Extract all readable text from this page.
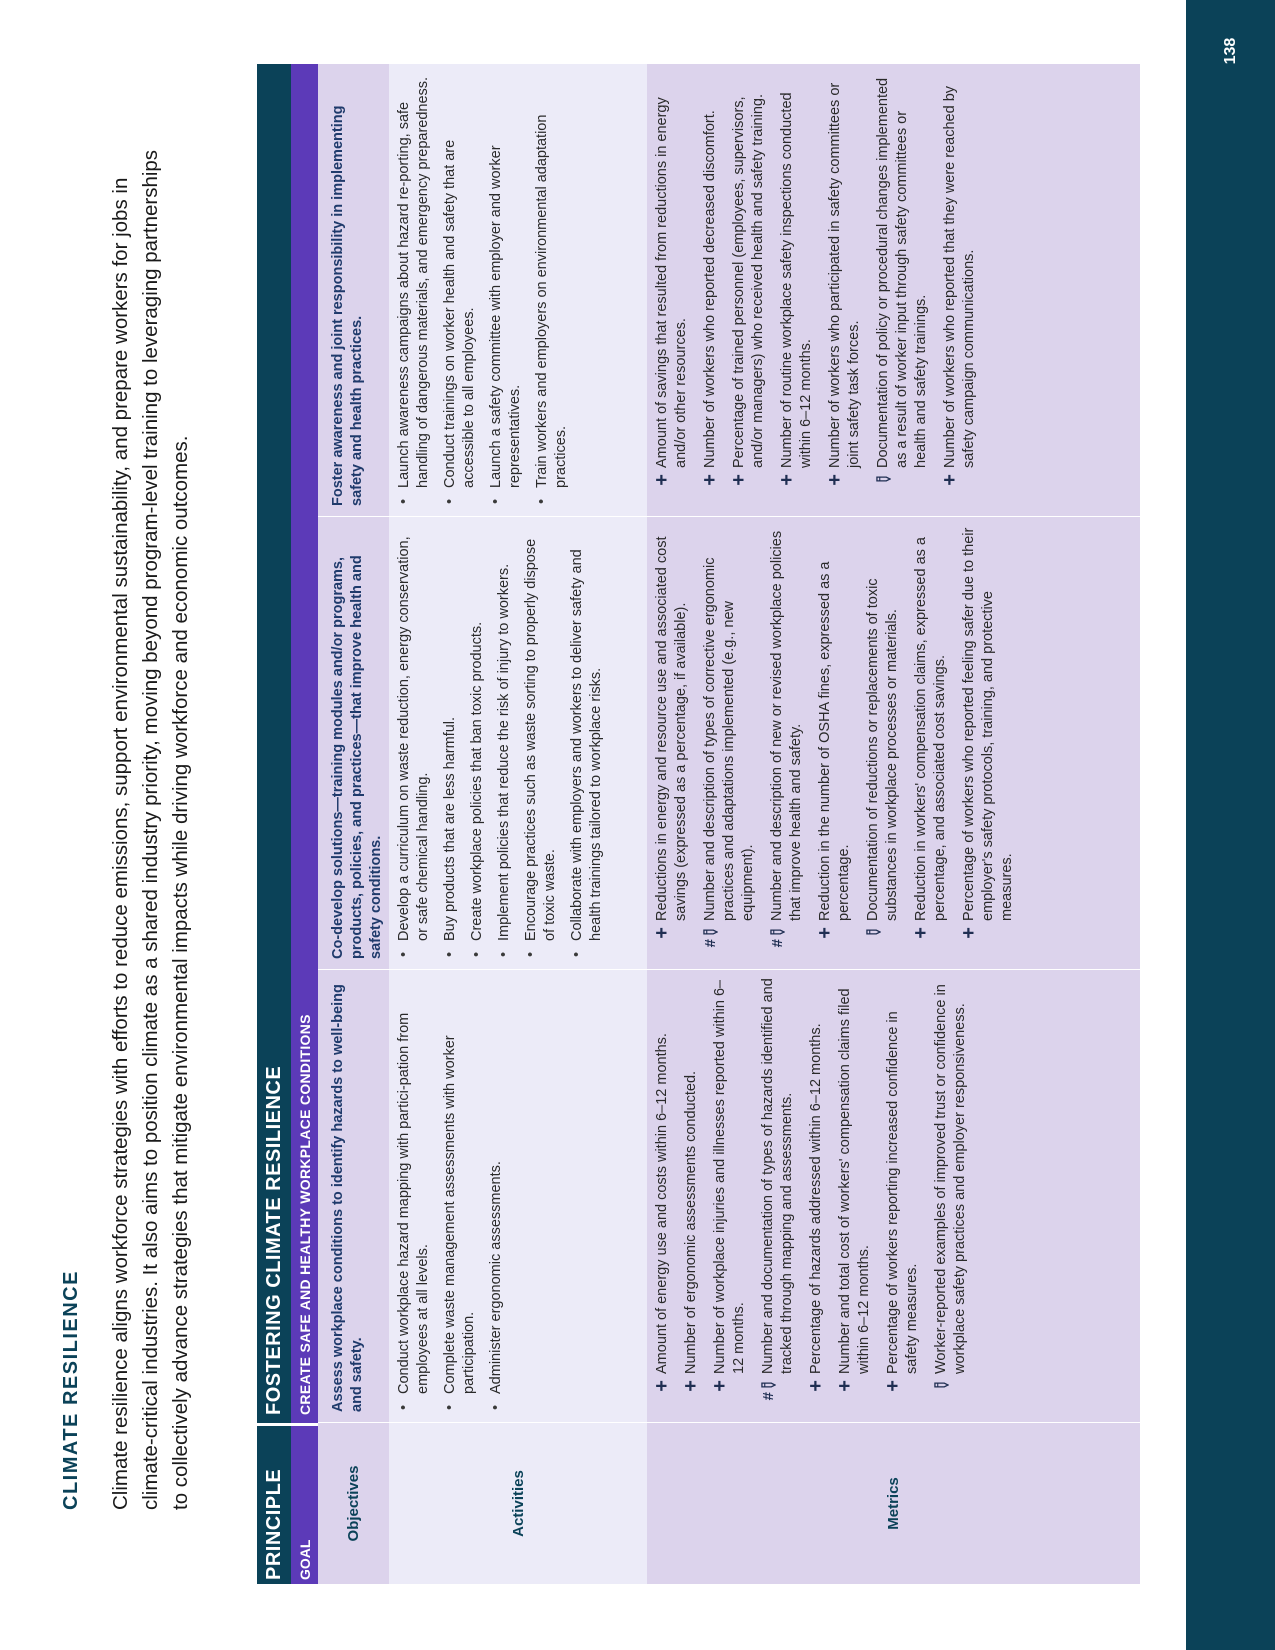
138
CLIMATE RESILIENCE Climate resilience aligns workforce strategies with efforts to reduce emissions, support environmental sustainability, and prepare workers for jobs in climate-critical industries. It also aims to position climate as a shared industry priority, moving beyond program-level training to leveraging partnerships to collectively advance strategies that mitigate environmental impacts while driving workforce and economic outcomes.

PRINCIPLE
FOSTERING CLIMATE RESILIENCE
GOAL
CREATE SAFE AND HEALTHY WORKPLACE CONDITIONS
Objectives
Assess workplace conditions to identify hazards to well-being and safety.
Co-develop solutions—training modules and/or programs, products, policies, and practices—that improve health and safety conditions.
Foster awareness and joint responsibility in implementing safety and health practices.
Activities
•
Conduct workplace hazard mapping with partici-pation from employees at all levels.
•
Complete waste management assessments with worker participation.
•
Administer ergonomic assessments.
•
Develop a curriculum on waste reduction, energy conservation, or safe chemical handling.
•
Buy products that are less harmful.
•
Create workplace policies that ban toxic products.
•
Implement policies that reduce the risk of injury to workers.
•
Encourage practices such as waste sorting to properly dispose of toxic waste.
•
Collaborate with employers and workers to deliver safety and health trainings tailored to workplace risks.
•
Launch awareness campaigns about hazard re-porting, safe handling of dangerous materials, and emergency preparedness.
•
Conduct trainings on worker health and safety that are accessible to all employees.
•
Launch a safety committee with employer and worker representatives.
•
Train workers and employers on environmental adaptation practices.
Metrics
+
Amount of energy use and costs within 6–12 months.
+
Number of ergonomic assessments conducted.
+
Number of workplace injuries and illnesses reported within 6–12 months.
#
Number and documentation of types of hazards identified and tracked through mapping and assessments.
+
Percentage of hazards addressed within 6–12 months.
+
Number and total cost of workers' compensation claims filed within 6–12 months.
+
Percentage of workers reporting increased confidence in safety measures. Worker-reported examples of improved trust or confidence in workplace safety practices and employer responsiveness.
+
Reductions in energy and resource use and associated cost savings (expressed as a percentage, if available).
#
Number and description of types of corrective ergonomic practices and adaptations implemented (e.g., new equipment).
#
Number and description of new or revised workplace policies that improve health and safety.
+
Reduction in the number of OSHA fines, expressed as a percentage. Documentation of reductions or replacements of toxic substances in workplace processes or materials.
+
Reduction in workers' compensation claims, expressed as a percentage, and associated cost savings.
+
Percentage of workers who reported feeling safer due to their employer's safety protocols, training, and protective measures.
+
Amount of savings that resulted from reductions in energy and/or other resources.
+
Number of workers who reported decreased discomfort.
+
Percentage of trained personnel (employees, supervisors, and/or managers) who received health and safety training.
+
Number of routine workplace safety inspections conducted within 6–12 months.
+
Number of workers who participated in safety committees or joint safety task forces. Documentation of policy or procedural changes implemented as a result of worker input through safety committees or health and safety trainings.
+
Number of workers who reported that they were reached by safety campaign communications.
